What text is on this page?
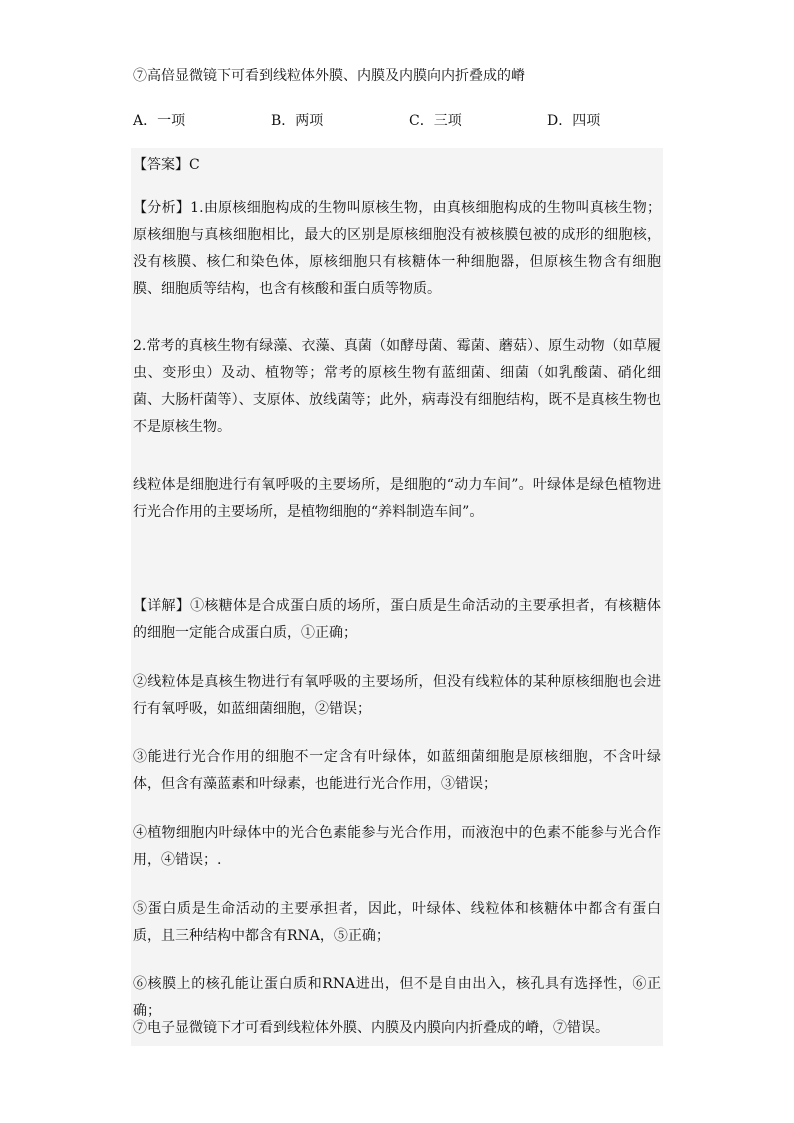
⑦高倍显微镜下可看到线粒体外膜、内膜及内膜向内折叠成的嵴
A．一项	B．两项	C．三项	D．四项
【答案】C
【分析】1.由原核细胞构成的生物叫原核生物，由真核细胞构成的生物叫真核生物；原核细胞与真核细胞相比，最大的区别是原核细胞没有被核膜包被的成形的细胞核，没有核膜、核仁和染色体，原核细胞只有核糖体一种细胞器，但原核生物含有细胞膜、细胞质等结构，也含有核酸和蛋白质等物质。
2.常考的真核生物有绿藻、衣藻、真菌（如酵母菌、霉菌、蘑菇）、原生动物（如草履虫、变形虫）及动、植物等；常考的原核生物有蓝细菌、细菌（如乳酸菌、硝化细菌、大肠杆菌等）、支原体、放线菌等；此外，病毒没有细胞结构，既不是真核生物也不是原核生物。
线粒体是细胞进行有氧呼吸的主要场所，是细胞的“动力车间”。叶绿体是绿色植物进行光合作用的主要场所，是植物细胞的“养料制造车间”。
【详解】①核糖体是合成蛋白质的场所，蛋白质是生命活动的主要承担者，有核糖体的细胞一定能合成蛋白质，①正确；
②线粒体是真核生物进行有氧呼吸的主要场所，但没有线粒体的某种原核细胞也会进行有氧呼吸，如蓝细菌细胞，②错误；
③能进行光合作用的细胞不一定含有叶绿体，如蓝细菌细胞是原核细胞，不含叶绿体，但含有藻蓝素和叶绿素，也能进行光合作用，③错误；
④植物细胞内叶绿体中的光合色素能参与光合作用，而液泡中的色素不能参与光合作用，④错误；.
⑤蛋白质是生命活动的主要承担者，因此，叶绿体、线粒体和核糖体中都含有蛋白质，且三种结构中都含有RNA，⑤正确；
⑥核膜上的核孔能让蛋白质和RNA进出，但不是自由出入，核孔具有选择性，⑥正确；
⑦电子显微镜下才可看到线粒体外膜、内膜及内膜向内折叠成的嵴，⑦错误。
